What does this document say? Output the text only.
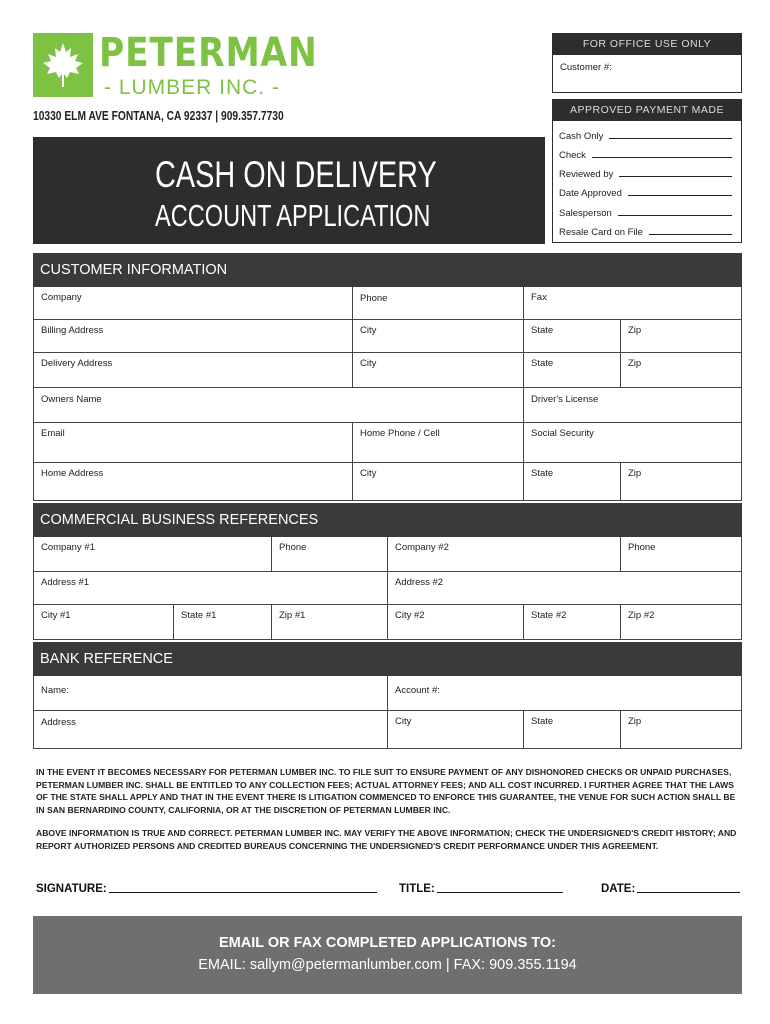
PETERMAN
- LUMBER INC. -
10330 ELM AVE FONTANA, CA 92337 | 909.357.7730
CASH ON DELIVERY
ACCOUNT APPLICATION
FOR OFFICE USE ONLY
Customer #:
APPROVED PAYMENT MADE
Cash Only
Check
Reviewed by
Date Approved
Salesperson
Resale Card on File
CUSTOMER INFORMATION
Company	Phone	Fax
Billing Address	City	State	Zip
Delivery Address	City	State	Zip
Owners Name	Driver's License
Email	Home Phone / Cell	Social Security
Home Address	City	State	Zip
COMMERCIAL BUSINESS REFERENCES
Company #1	Phone	Company #2	Phone
Address #1	Address #2
City #1	State #1	Zip #1	City #2	State #2	Zip #2
BANK REFERENCE
Name:	Account #:
Address	City	State	Zip
IN THE EVENT IT BECOMES NECESSARY FOR PETERMAN LUMBER INC. TO FILE SUIT TO ENSURE PAYMENT OF ANY DISHONORED CHECKS OR UNPAID PURCHASES, PETERMAN LUMBER INC. SHALL BE ENTITLED TO ANY COLLECTION FEES; ACTUAL ATTORNEY FEES; AND ALL COST INCURRED. I FURTHER AGREE THAT THE LAWS OF THE STATE SHALL APPLY AND THAT IN THE EVENT THERE IS LITIGATION COMMENCED TO ENFORCE THIS GUARANTEE, THE VENUE FOR SUCH ACTION SHALL BE IN SAN BERNARDINO COUNTY, CALIFORNIA, OR AT THE DISCRETION OF PETERMAN LUMBER INC.
ABOVE INFORMATION IS TRUE AND CORRECT. PETERMAN LUMBER INC. MAY VERIFY THE ABOVE INFORMATION; CHECK THE UNDERSIGNED'S CREDIT HISTORY; AND REPORT AUTHORIZED PERSONS AND CREDITED BUREAUS CONCERNING THE UNDERSIGNED'S CREDIT PERFORMANCE UNDER THIS AGREEMENT.
SIGNATURE:	TITLE:	DATE:
EMAIL OR FAX COMPLETED APPLICATIONS TO:
EMAIL: sallym@petermanlumber.com | FAX: 909.355.1194
